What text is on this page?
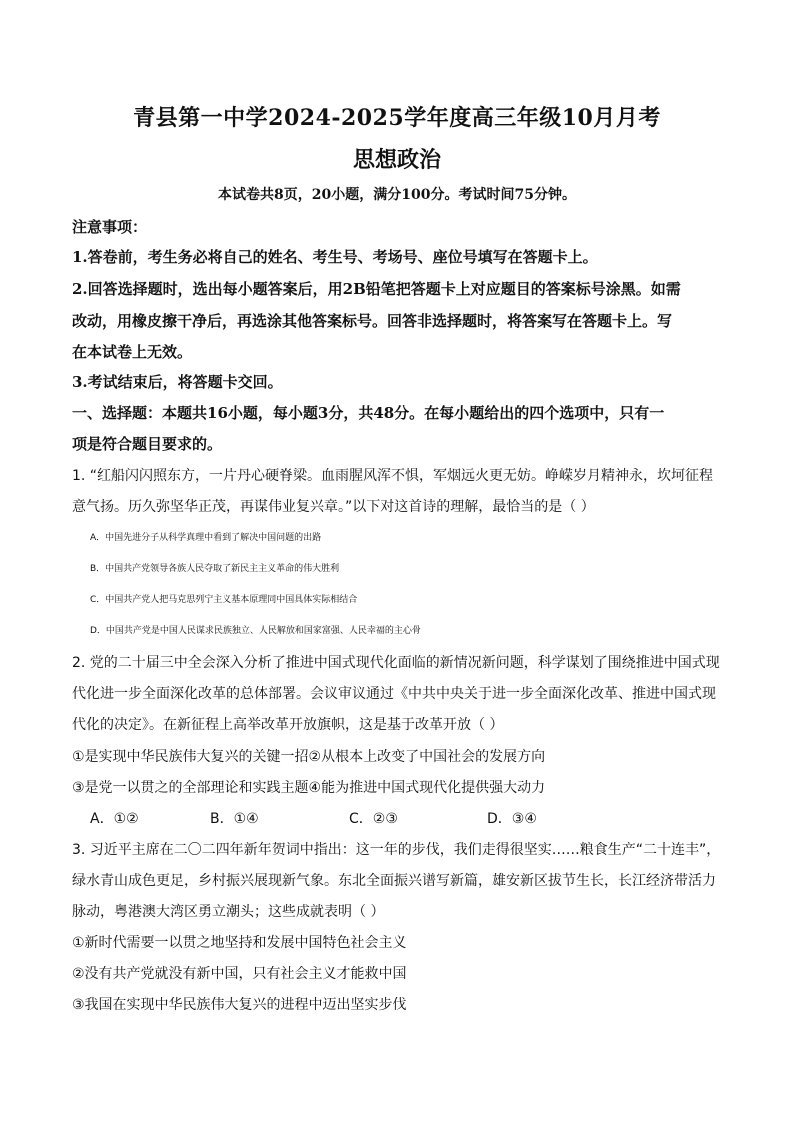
青县第一中学2024-2025学年度高三年级10月月考
思想政治
本试卷共8页，20小题，满分100分。考试时间75分钟。
注意事项：
1.答卷前，考生务必将自己的姓名、考生号、考场号、座位号填写在答题卡上。
2.回答选择题时，选出每小题答案后，用2B铅笔把答题卡上对应题目的答案标号涂黑。如需
改动，用橡皮擦干净后，再选涂其他答案标号。回答非选择题时，将答案写在答题卡上。写
在本试卷上无效。
3.考试结束后，将答题卡交回。
一、选择题：本题共16小题，每小题3分，共48分。在每小题给出的四个选项中，只有一
项是符合题目要求的。
1. “红船闪闪照东方，一片丹心硬脊梁。血雨腥风浑不惧，军烟远火更无妨。峥嵘岁月精神永，坎坷征程
意气扬。历久弥坚华正茂，再谋伟业复兴章。”以下对这首诗的理解，最恰当的是（ ）
A．中国先进分子从科学真理中看到了解决中国问题的出路
B．中国共产党领导各族人民夺取了新民主主义革命的伟大胜利
C．中国共产党人把马克思列宁主义基本原理同中国具体实际相结合
D．中国共产党是中国人民谋求民族独立、人民解放和国家富强、人民幸福的主心骨
2. 党的二十届三中全会深入分析了推进中国式现代化面临的新情况新问题，科学谋划了围绕推进中国式现
代化进一步全面深化改革的总体部署。会议审议通过《中共中央关于进一步全面深化改革、推进中国式现
代化的决定》。在新征程上高举改革开放旗帜，这是基于改革开放（ ）
①是实现中华民族伟大复兴的关键一招②从根本上改变了中国社会的发展方向
③是党一以贯之的全部理论和实践主题④能为推进中国式现代化提供强大动力
A．①②	B．①④	C．②③	D．③④
3. 习近平主席在二〇二四年新年贺词中指出：这一年的步伐，我们走得很坚实……粮食生产“二十连丰”，
绿水青山成色更足，乡村振兴展现新气象。东北全面振兴谱写新篇，雄安新区拔节生长，长江经济带活力
脉动，粤港澳大湾区勇立潮头；这些成就表明（ ）
①新时代需要一以贯之地坚持和发展中国特色社会主义
②没有共产党就没有新中国，只有社会主义才能救中国
③我国在实现中华民族伟大复兴的进程中迈出坚实步伐
